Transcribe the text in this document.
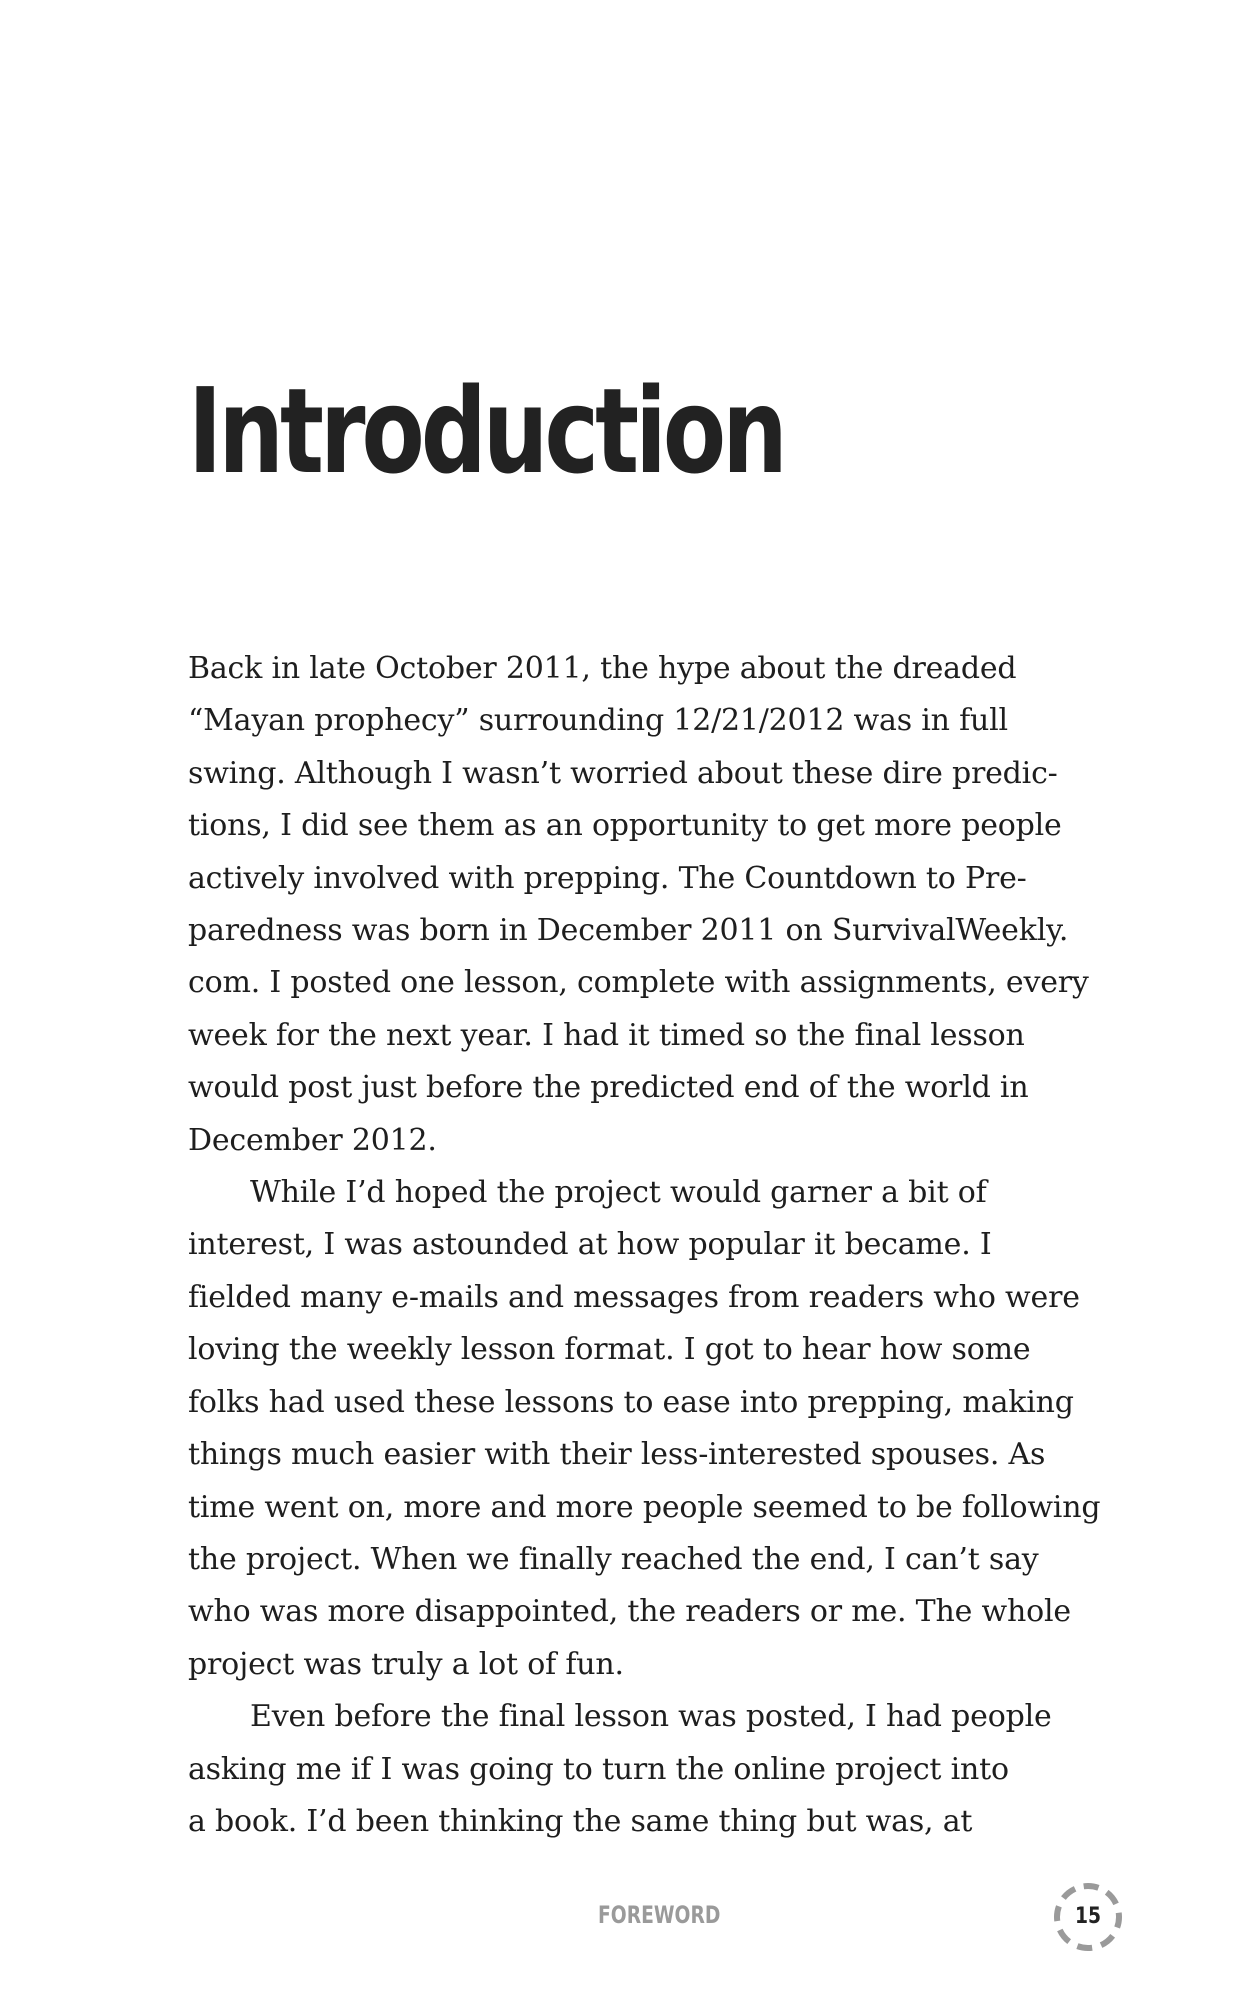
Introduction
Back in late October 2011, the hype about the dreaded
“Mayan prophecy” surrounding 12/21/2012 was in full
swing. Although I wasn’t worried about these dire predic-
tions, I did see them as an opportunity to get more people
actively involved with prepping. The Countdown to Pre-
paredness was born in December 2011 on SurvivalWeekly.
com. I posted one lesson, complete with assignments, every
week for the next year. I had it timed so the final lesson
would post just before the predicted end of the world in
December 2012.
While I’d hoped the project would garner a bit of
interest, I was astounded at how popular it became. I
fielded many e-mails and messages from readers who were
loving the weekly lesson format. I got to hear how some
folks had used these lessons to ease into prepping, making
things much easier with their less-interested spouses. As
time went on, more and more people seemed to be following
the project. When we finally reached the end, I can’t say
who was more disappointed, the readers or me. The whole
project was truly a lot of fun.
Even before the final lesson was posted, I had people
asking me if I was going to turn the online project into
a book. I’d been thinking the same thing but was, at
FOREWORD	15
